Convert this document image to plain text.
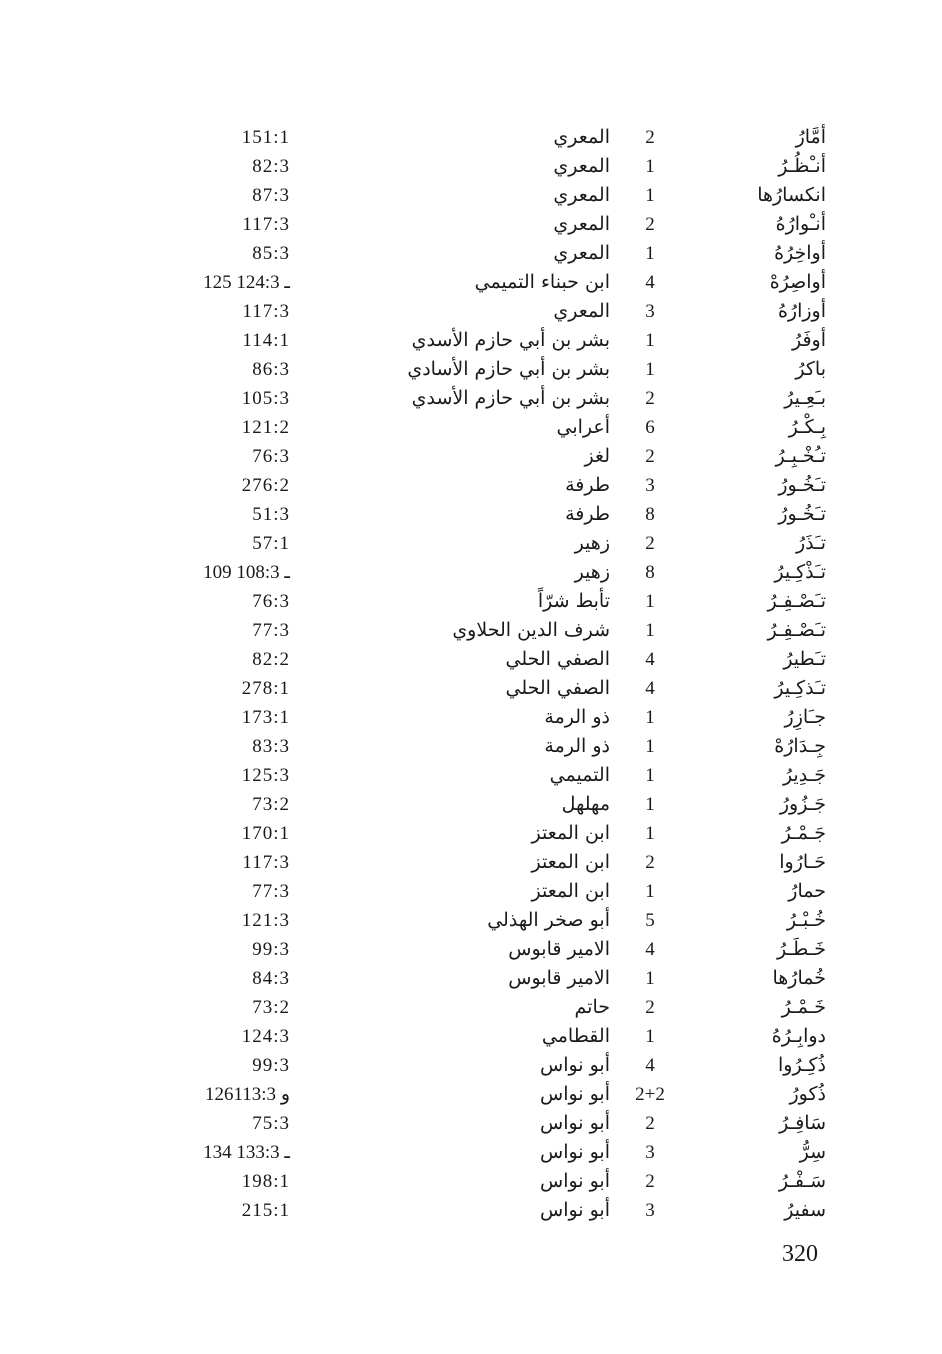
أمَّارُ
2
المعري
151:1
أنـْظُـرُ
1
المعري
82:3
انكسارُها
1
المعري
87:3
أنـْوارُهُ
2
المعري
117:3
أواخِرُهُ
1
المعري
85:3
أواصِرُهْ
4
ابن حبناء التميمي
125 ـ 124:3
أوزارُهُ
3
المعري
117:3
أوفَرُ
1
بشر بن أبي حازم الأسدي
114:1
باكرُ
1
بشر بن أبي حازم الأسادي
86:3
بـَعِـيرُ
2
بشر بن أبي حازم الأسدي
105:3
بِـكْـرُ
6
أعرابي
121:2
تـُخْـبِـرُ
2
لغز
76:3
تـَخُـورُ
3
طرفة
276:2
تـَخُـورُ
8
طرفة
51:3
تـَذَرُ
2
زهير
57:1
تـَذْكِـيرُ
8
زهير
109 ـ 108:3
تـَصْـفِـرُ
1
تأبط شرّاً
76:3
تـَصْـفِـرُ
1
شرف الدين الحلاوي
77:3
تـَطيرُ
4
الصفي الحلي
82:2
تـَذكِـيرُ
4
الصفي الحلي
278:1
جـَازِرُ
1
ذو الرمة
173:1
جِـدَارُهْ
1
ذو الرمة
83:3
جَـدِيرُ
1
التميمي
125:3
جَـزُورُ
1
مهلهل
73:2
جَـمْـرُ
1
ابن المعتز
170:1
حَـارُوا
2
ابن المعتز
117:3
حمارُ
1
ابن المعتز
77:3
خُـبْـرُ
5
أبو صخر الهذلي
121:3
خَـطَـرُ
4
الامير قابوس
99:3
خُمارُها
1
الامير قابوس
84:3
خَـمْـرُ
2
حاتم
73:2
دوابِـرُهُ
1
القطامي
124:3
ذُكِـرُوا
4
أبو نواس
99:3
ذُكورُ
2+2
أبو نواس
126و 113:3
سَافِـرُ
2
أبو نواس
75:3
سِرُّ
3
أبو نواس
134 ـ 133:3
سَـفْـرُ
2
أبو نواس
198:1
سفيرُ
3
أبو نواس
215:1
320
